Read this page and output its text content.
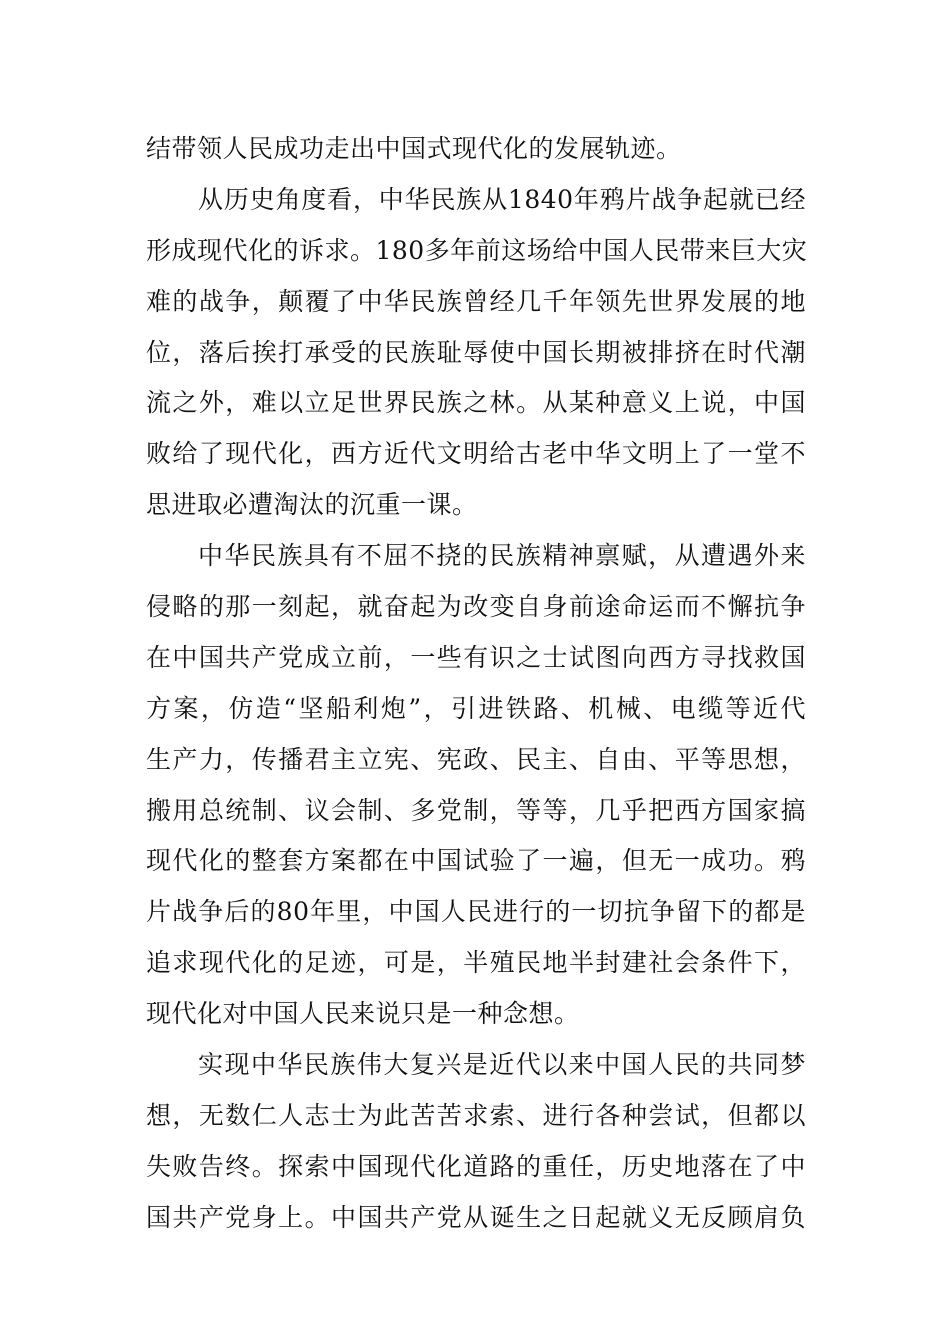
结带领人民成功走出中国式现代化的发展轨迹。
从历史角度看，中华民族从1840年鸦片战争起就已经
形成现代化的诉求。180多年前这场给中国人民带来巨大灾
难的战争，颠覆了中华民族曾经几千年领先世界发展的地
位，落后挨打承受的民族耻辱使中国长期被排挤在时代潮
流之外，难以立足世界民族之林。从某种意义上说，中国
败给了现代化，西方近代文明给古老中华文明上了一堂不
思进取必遭淘汰的沉重一课。
中华民族具有不屈不挠的民族精神禀赋，从遭遇外来
侵略的那一刻起，就奋起为改变自身前途命运而不懈抗争
在中国共产党成立前，一些有识之士试图向西方寻找救国
方案，仿造“坚船利炮”，引进铁路、机械、电缆等近代
生产力，传播君主立宪、宪政、民主、自由、平等思想，
搬用总统制、议会制、多党制，等等，几乎把西方国家搞
现代化的整套方案都在中国试验了一遍，但无一成功。鸦
片战争后的80年里，中国人民进行的一切抗争留下的都是
追求现代化的足迹，可是，半殖民地半封建社会条件下，
现代化对中国人民来说只是一种念想。
实现中华民族伟大复兴是近代以来中国人民的共同梦
想，无数仁人志士为此苦苦求索、进行各种尝试，但都以
失败告终。探索中国现代化道路的重任，历史地落在了中
国共产党身上。中国共产党从诞生之日起就义无反顾肩负
